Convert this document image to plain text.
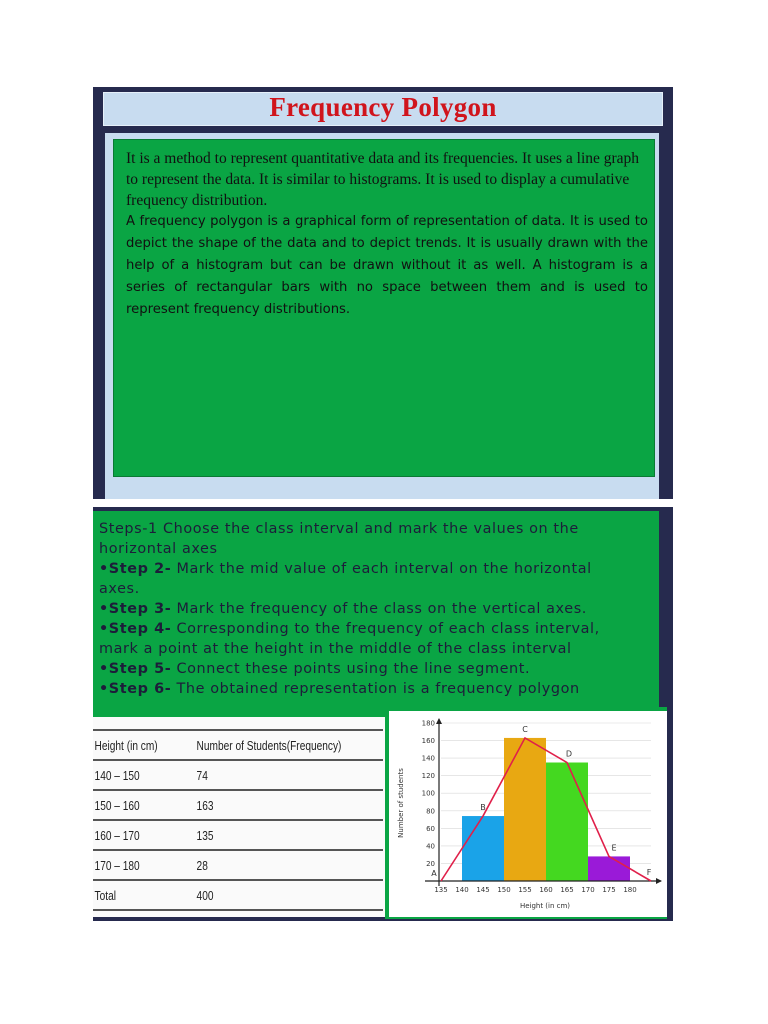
Frequency Polygon
It is a method to represent quantitative data and its frequencies. It uses a line graph to represent the data. It is similar to histograms. It is used to display a cumulative frequency distribution.
A frequency polygon is a graphical form of representation of data. It is used to depict the shape of the data and to depict trends. It is usually drawn with the help of a histogram but can be drawn without it as well. A histogram is a series of rectangular bars with no space between them and is used to represent frequency distributions.
Steps-1 Choose the class interval and mark the values on the
horizontal axes
•Step 2- Mark the mid value of each interval on the horizontal
axes.
•Step 3- Mark the frequency of the class on the vertical axes.
•Step 4- Corresponding to the frequency of each class interval,
mark a point at the height in the middle of the class interval
•Step 5- Connect these points using the line segment.
•Step 6- The obtained representation is a frequency polygon
Height (in cm)	Number of Students(Frequency)
140 – 150	74
150 – 160	163
160 – 170	135
170 – 180	28
Total	400
20
40
60
80
100
120
140
160
180
135 140 145 150 155 160 165 170 175 180
A
B
C
D
E
F
Height (in cm)
Number of students
